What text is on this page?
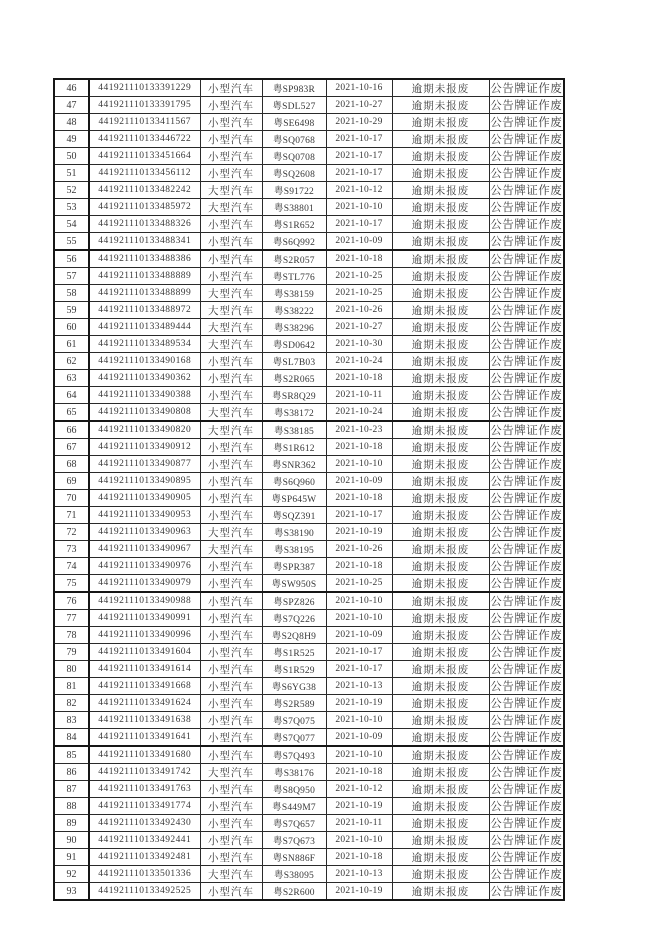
46	441921110133391229	小型汽车	粤SP983R	2021-10-16	逾期未报废	公告牌证作废
47	441921110133391795	小型汽车	粤SDL527	2021-10-27	逾期未报废	公告牌证作废
48	441921110133411567	小型汽车	粤SE6498	2021-10-29	逾期未报废	公告牌证作废
49	441921110133446722	小型汽车	粤SQ0768	2021-10-17	逾期未报废	公告牌证作废
50	441921110133451664	小型汽车	粤SQ0708	2021-10-17	逾期未报废	公告牌证作废
51	441921110133456112	小型汽车	粤SQ2608	2021-10-17	逾期未报废	公告牌证作废
52	441921110133482242	大型汽车	粤S91722	2021-10-12	逾期未报废	公告牌证作废
53	441921110133485972	大型汽车	粤S38801	2021-10-10	逾期未报废	公告牌证作废
54	441921110133488326	小型汽车	粤S1R652	2021-10-17	逾期未报废	公告牌证作废
55	441921110133488341	小型汽车	粤S6Q992	2021-10-09	逾期未报废	公告牌证作废
56	441921110133488386	小型汽车	粤S2R057	2021-10-18	逾期未报废	公告牌证作废
57	441921110133488889	小型汽车	粤STL776	2021-10-25	逾期未报废	公告牌证作废
58	441921110133488899	大型汽车	粤S38159	2021-10-25	逾期未报废	公告牌证作废
59	441921110133488972	大型汽车	粤S38222	2021-10-26	逾期未报废	公告牌证作废
60	441921110133489444	大型汽车	粤S38296	2021-10-27	逾期未报废	公告牌证作废
61	441921110133489534	大型汽车	粤SD0642	2021-10-30	逾期未报废	公告牌证作废
62	441921110133490168	小型汽车	粤SL7B03	2021-10-24	逾期未报废	公告牌证作废
63	441921110133490362	小型汽车	粤S2R065	2021-10-18	逾期未报废	公告牌证作废
64	441921110133490388	小型汽车	粤SR8Q29	2021-10-11	逾期未报废	公告牌证作废
65	441921110133490808	大型汽车	粤S38172	2021-10-24	逾期未报废	公告牌证作废
66	441921110133490820	大型汽车	粤S38185	2021-10-23	逾期未报废	公告牌证作废
67	441921110133490912	小型汽车	粤S1R612	2021-10-18	逾期未报废	公告牌证作废
68	441921110133490877	小型汽车	粤SNR362	2021-10-10	逾期未报废	公告牌证作废
69	441921110133490895	小型汽车	粤S6Q960	2021-10-09	逾期未报废	公告牌证作废
70	441921110133490905	小型汽车	粤SP645W	2021-10-18	逾期未报废	公告牌证作废
71	441921110133490953	小型汽车	粤SQZ391	2021-10-17	逾期未报废	公告牌证作废
72	441921110133490963	大型汽车	粤S38190	2021-10-19	逾期未报废	公告牌证作废
73	441921110133490967	大型汽车	粤S38195	2021-10-26	逾期未报废	公告牌证作废
74	441921110133490976	小型汽车	粤SPR387	2021-10-18	逾期未报废	公告牌证作废
75	441921110133490979	小型汽车	粤SW950S	2021-10-25	逾期未报废	公告牌证作废
76	441921110133490988	小型汽车	粤SPZ826	2021-10-10	逾期未报废	公告牌证作废
77	441921110133490991	小型汽车	粤S7Q226	2021-10-10	逾期未报废	公告牌证作废
78	441921110133490996	小型汽车	粤S2Q8H9	2021-10-09	逾期未报废	公告牌证作废
79	441921110133491604	小型汽车	粤S1R525	2021-10-17	逾期未报废	公告牌证作废
80	441921110133491614	小型汽车	粤S1R529	2021-10-17	逾期未报废	公告牌证作废
81	441921110133491668	小型汽车	粤S6YG38	2021-10-13	逾期未报废	公告牌证作废
82	441921110133491624	小型汽车	粤S2R589	2021-10-19	逾期未报废	公告牌证作废
83	441921110133491638	小型汽车	粤S7Q075	2021-10-10	逾期未报废	公告牌证作废
84	441921110133491641	小型汽车	粤S7Q077	2021-10-09	逾期未报废	公告牌证作废
85	441921110133491680	小型汽车	粤S7Q493	2021-10-10	逾期未报废	公告牌证作废
86	441921110133491742	大型汽车	粤S38176	2021-10-18	逾期未报废	公告牌证作废
87	441921110133491763	小型汽车	粤S8Q950	2021-10-12	逾期未报废	公告牌证作废
88	441921110133491774	小型汽车	粤S449M7	2021-10-19	逾期未报废	公告牌证作废
89	441921110133492430	小型汽车	粤S7Q657	2021-10-11	逾期未报废	公告牌证作废
90	441921110133492441	小型汽车	粤S7Q673	2021-10-10	逾期未报废	公告牌证作废
91	441921110133492481	小型汽车	粤SN886F	2021-10-18	逾期未报废	公告牌证作废
92	441921110133501336	大型汽车	粤S38095	2021-10-13	逾期未报废	公告牌证作废
93	441921110133492525	小型汽车	粤S2R600	2021-10-19	逾期未报废	公告牌证作废
